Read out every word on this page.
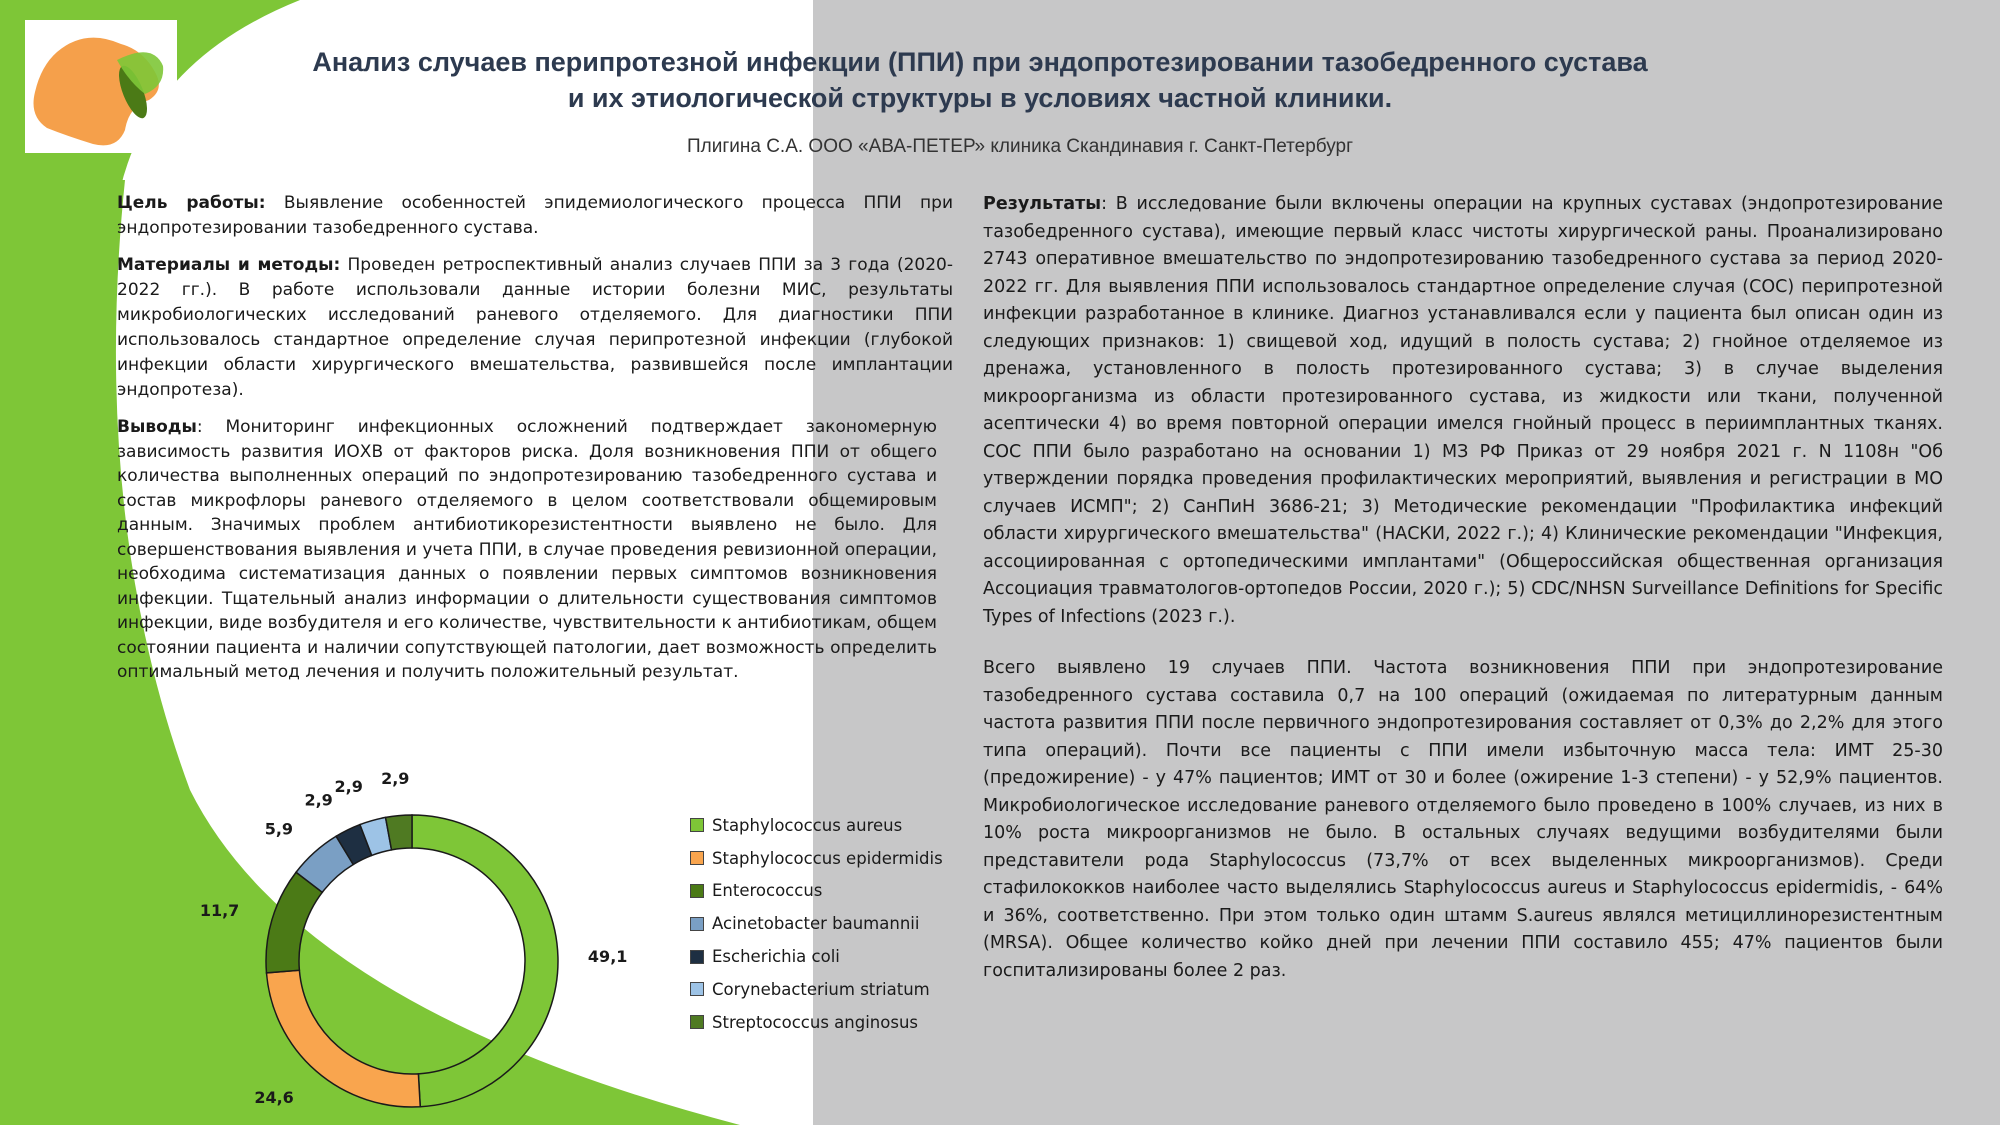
Анализ случаев перипротезной инфекции (ППИ) при эндопротезировании тазобедренного сустава
и их этиологической структуры в условиях частной клиники.
Плигина С.А. ООО «АВА-ПЕТЕР» клиника Скандинавия г. Санкт-Петербург

Цель работы: Выявление особенностей эпидемиологического процесса ППИ при эндопротезировании тазобедренного сустава.

Материалы и методы: Проведен ретроспективный анализ случаев ППИ за 3 года (2020-2022 гг.). В работе использовали данные истории болезни МИС, результаты микробиологических исследований раневого отделяемого. Для диагностики ППИ использовалось стандартное определение случая перипротезной инфекции (глубокой инфекции области хирургического вмешательства, развившейся после имплантации эндопротеза).

Выводы: Мониторинг инфекционных осложнений подтверждает закономерную зависимость развития ИОХВ от факторов риска. Доля возникновения ППИ от общего количества выполненных операций по эндопротезированию тазобедренного сустава и состав микрофлоры раневого отделяемого в целом соответствовали общемировым данным. Значимых проблем антибиотикорезистентности выявлено не было. Для совершенствования выявления и учета ППИ, в случае проведения ревизионной операции, необходима систематизация данных о появлении первых симптомов возникновения инфекции. Тщательный анализ информации о длительности существования симптомов инфекции, виде возбудителя и его количестве, чувствительности к антибиотикам, общем состоянии пациента и наличии сопутствующей патологии, дает возможность определить оптимальный метод лечения и получить положительный результат.

Результаты: В исследование были включены операции на крупных суставах (эндопротезирование тазобедренного сустава), имеющие первый класс чистоты хирургической раны. Проанализировано 2743 оперативное вмешательство по эндопротезированию тазобедренного сустава за период 2020-2022 гг. Для выявления ППИ использовалось стандартное определение случая (СОС) перипротезной инфекции разработанное в клинике. Диагноз устанавливался если у пациента был описан один из следующих признаков: 1) свищевой ход, идущий в полость сустава; 2) гнойное отделяемое из дренажа, установленного в полость протезированного сустава; 3) в случае выделения микроорганизма из области протезированного сустава, из жидкости или ткани, полученной асептически 4) во время повторной операции имелся гнойный процесс в периимплантных тканях. СОС ППИ было разработано на основании 1) МЗ РФ Приказ от 29 ноября 2021 г. N 1108н "Об утверждении порядка проведения профилактических мероприятий, выявления и регистрации в МО случаев ИСМП"; 2) СанПиН 3686-21; 3) Методические рекомендации "Профилактика инфекций области хирургического вмешательства" (НАСКИ, 2022 г.); 4) Клинические рекомендации "Инфекция, ассоциированная с ортопедическими имплантами" (Общероссийская общественная организация Ассоциация травматологов-ортопедов России, 2020 г.); 5) CDC/NHSN Surveillance Definitions for Specific Types of Infections (2023 г.).

Всего выявлено 19 случаев ППИ. Частота возникновения ППИ при эндопротезирование тазобедренного сустава составила 0,7 на 100 операций (ожидаемая по литературным данным частота развития ППИ после первичного эндопротезирования составляет от 0,3% до 2,2% для этого типа операций). Почти все пациенты с ППИ имели избыточную масса тела: ИМТ 25-30 (предожирение) - у 47% пациентов; ИМТ от 30 и более (ожирение 1-3 степени) - у 52,9% пациентов. Микробиологическое исследование раневого отделяемого было проведено в 100% случаев, из них в 10% роста микроорганизмов не было. В остальных случаях ведущими возбудителями были представители рода Staphylococcus (73,7% от всех выделенных микроорганизмов). Среди стафилококков наиболее часто выделялись Staphylococcus aureus и Staphylococcus epidermidis, - 64% и 36%, соответственно. При этом только один штамм S.aureus являлся метициллинорезистентным (MRSA). Общее количество койко дней при лечении ППИ составило 455; 47% пациентов были госпитализированы более 2 раз.

49,1
24,6
11,7
5,9
2,9
2,9 2,9
Staphylococcus aureus
Staphylococcus epidermidis
Enterococcus
Acinetobacter baumannii
Escherichia coli
Corynebacterium striatum
Streptococcus anginosus
